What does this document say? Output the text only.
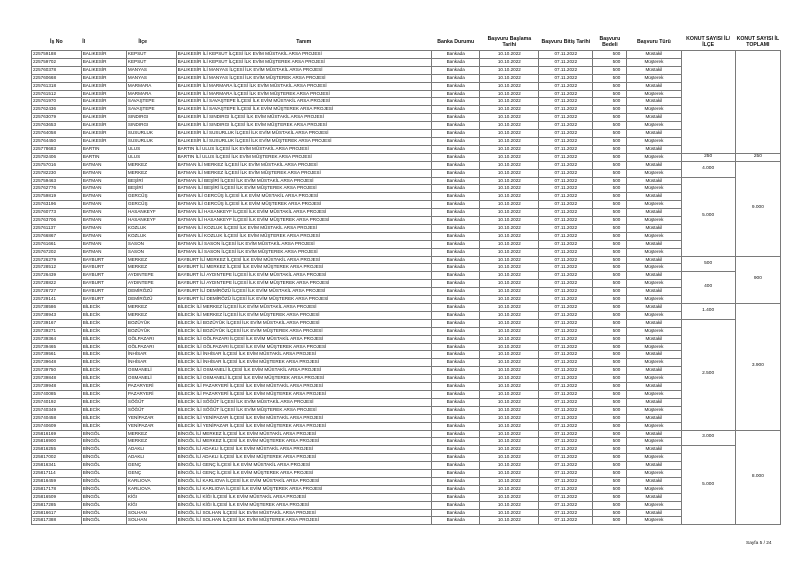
İş No	İl	İlçe	Tanım	Banka Durumu	Başvuru Başlama Tarihi	Başvuru Bitiş Tarihi	Başvuru Bedeli	Başvuru Türü	KONUT SAYISI İL/İLÇE	KONUT SAYISI İL TOPLAMI
225759188	BALIKESİR	KEPSUT	BALIKESİR İLİ KEPSUT İLÇESİ İLK EVİM MÜSTAKİL ARSA PROJESİ	Bankada	10.10.2022	07.11.2022	500	Müstakil		
225759702	BALIKESİR	KEPSUT	BALIKESİR İLİ KEPSUT İLÇESİ İLK EVİM MÜŞTEREK ARSA PROJESİ	Bankada	10.10.2022	07.11.2022	500	Müşterek		
225760378	BALIKESİR	MANYAS	BALIKESİR İLİ MANYAS İLÇESİ İLK EVİM MÜSTAKİL ARSA PROJESİ	Bankada	10.10.2022	07.11.2022	500	Müstakil		
225760668	BALIKESİR	MANYAS	BALIKESİR İLİ MANYAS İLÇESİ İLK EVİM MÜŞTEREK ARSA PROJESİ	Bankada	10.10.2022	07.11.2022	500	Müşterek		
225761318	BALIKESİR	MARMARA	BALIKESİR İLİ MARMARA İLÇESİ İLK EVİM MÜSTAKİL ARSA PROJESİ	Bankada	10.10.2022	07.11.2022	500	Müstakil		
225761512	BALIKESİR	MARMARA	BALIKESİR İLİ MARMARA İLÇESİ İLK EVİM MÜŞTEREK ARSA PROJESİ	Bankada	10.10.2022	07.11.2022	500	Müşterek		
225761970	BALIKESİR	SAVAŞTEPE	BALIKESİR İLİ SAVAŞTEPE İLÇESİ İLK EVİM MÜSTAKİL ARSA PROJESİ	Bankada	10.10.2022	07.11.2022	500	Müstakil		
225762436	BALIKESİR	SAVAŞTEPE	BALIKESİR İLİ SAVAŞTEPE İLÇESİ İLK EVİM MÜŞTEREK ARSA PROJESİ	Bankada	10.10.2022	07.11.2022	500	Müşterek		
225763079	BALIKESİR	SINDIRGI	BALIKESİR İLİ SINDIRGI İLÇESİ İLK EVİM MÜSTAKİL ARSA PROJESİ	Bankada	10.10.2022	07.11.2022	500	Müstakil		
225763653	BALIKESİR	SINDIRGI	BALIKESİR İLİ SINDIRGI İLÇESİ İLK EVİM MÜŞTEREK ARSA PROJESİ	Bankada	10.10.2022	07.11.2022	500	Müşterek		
225764058	BALIKESİR	SUSURLUK	BALIKESİR İLİ SUSURLUK İLÇESİ İLK EVİM MÜSTAKİL ARSA PROJESİ	Bankada	10.10.2022	07.11.2022	500	Müstakil		
225764450	BALIKESİR	SUSURLUK	BALIKESİR İLİ SUSURLUK İLÇESİ İLK EVİM MÜŞTEREK ARSA PROJESİ	Bankada	10.10.2022	07.11.2022	500	Müşterek		
225778683	BARTIN	ULUS	BARTIN İLİ ULUS İLÇESİ İLK EVİM MÜSTAKİL ARSA PROJESİ	Bankada	10.10.2022	07.11.2022	500	Müstakil		
225782406	BARTIN	ULUS	BARTIN İLİ ULUS İLÇESİ İLK EVİM MÜŞTEREK ARSA PROJESİ	Bankada	10.10.2022	07.11.2022	500	Müşterek	250	250
225757016	BATMAN	MERKEZ	BATMAN İLİ MERKEZ İLÇESİ İLK EVİM MÜSTAKİL ARSA PROJESİ	Bankada	10.10.2022	07.11.2022	500	Müstakil	4.000	9.000
225782230	BATMAN	MERKEZ	BATMAN İLİ MERKEZ İLÇESİ İLK EVİM MÜŞTEREK ARSA PROJESİ	Bankada	10.10.2022	07.11.2022	500	Müşterek		
225759463	BATMAN	BEŞİRİ	BATMAN İLİ BEŞİRİ İLÇESİ İLK EVİM MÜSTAKİL ARSA PROJESİ	Bankada	10.10.2022	07.11.2022	500	Müstakil	5.000	
225762776	BATMAN	BEŞİRİ	BATMAN İLİ BEŞİRİ İLÇESİ İLK EVİM MÜŞTEREK ARSA PROJESİ	Bankada	10.10.2022	07.11.2022	500	Müşterek		
225759819	BATMAN	GERCÜŞ	BATMAN İLİ GERCÜŞ İLÇESİ İLK EVİM MÜSTAKİL ARSA PROJESİ	Bankada	10.10.2022	07.11.2022	500	Müstakil		
225763196	BATMAN	GERCÜŞ	BATMAN İLİ GERCÜŞ İLÇESİ İLK EVİM MÜŞTEREK ARSA PROJESİ	Bankada	10.10.2022	07.11.2022	500	Müşterek		
225760773	BATMAN	HASANKEYF	BATMAN İLİ HASANKEYF İLÇESİ İLK EVİM MÜSTAKİL ARSA PROJESİ	Bankada	10.10.2022	07.11.2022	500	Müstakil		
225763706	BATMAN	HASANKEYF	BATMAN İLİ HASANKEYF İLÇESİ İLK EVİM MÜŞTEREK ARSA PROJESİ	Bankada	10.10.2022	07.11.2022	500	Müşterek		
225761137	BATMAN	KOZLUK	BATMAN İLİ KOZLUK İLÇESİ İLK EVİM MÜSTAKİL ARSA PROJESİ	Bankada	10.10.2022	07.11.2022	500	Müstakil		
225766867	BATMAN	KOZLUK	BATMAN İLİ KOZLUK İLÇESİ İLK EVİM MÜŞTEREK ARSA PROJESİ	Bankada	10.10.2022	07.11.2022	500	Müşterek		
225761661	BATMAN	SASON	BATMAN İLİ SASON İLÇESİ İLK EVİM MÜSTAKİL ARSA PROJESİ	Bankada	10.10.2022	07.11.2022	500	Müstakil		
225767202	BATMAN	SASON	BATMAN İLİ SASON İLÇESİ İLK EVİM MÜŞTEREK ARSA PROJESİ	Bankada	10.10.2022	07.11.2022	500	Müşterek		
225726279	BAYBURT	MERKEZ	BAYBURT İLİ MERKEZ İLÇESİ İLK EVİM MÜSTAKİL ARSA PROJESİ	Bankada	10.10.2022	07.11.2022	500	Müstakil	500	900
225728512	BAYBURT	MERKEZ	BAYBURT İLİ MERKEZ İLÇESİ İLK EVİM MÜŞTEREK ARSA PROJESİ	Bankada	10.10.2022	07.11.2022	500	Müşterek		
225726439	BAYBURT	AYDINTEPE	BAYBURT İLİ AYDINTEPE İLÇESİ İLK EVİM MÜSTAKİL ARSA PROJESİ	Bankada	10.10.2022	07.11.2022	500	Müstakil	400	
225728822	BAYBURT	AYDINTEPE	BAYBURT İLİ AYDINTEPE İLÇESİ İLK EVİM MÜŞTEREK ARSA PROJESİ	Bankada	10.10.2022	07.11.2022	500	Müşterek		
225726727	BAYBURT	DEMİRÖZÜ	BAYBURT İLİ DEMİRÖZÜ İLÇESİ İLK EVİM MÜSTAKİL ARSA PROJESİ	Bankada	10.10.2022	07.11.2022	500	Müstakil		
225729141	BAYBURT	DEMİRÖZÜ	BAYBURT İLİ DEMİRÖZÜ İLÇESİ İLK EVİM MÜŞTEREK ARSA PROJESİ	Bankada	10.10.2022	07.11.2022	500	Müşterek		
225738586	BİLECİK	MERKEZ	BİLECİK İLİ MERKEZ İLÇESİ İLK EVİM MÜSTAKİL ARSA PROJESİ	Bankada	10.10.2022	07.11.2022	500	Müstakil	1.400	3.900
225738943	BİLECİK	MERKEZ	BİLECİK İLİ MERKEZ İLÇESİ İLK EVİM MÜŞTEREK ARSA PROJESİ	Bankada	10.10.2022	07.11.2022	500	Müşterek		
225739167	BİLECİK	BOZÜYÜK	BİLECİK İLİ BOZÜYÜK İLÇESİ İLK EVİM MÜSTAKİL ARSA PROJESİ	Bankada	10.10.2022	07.11.2022	500	Müstakil	2.500	
225739271	BİLECİK	BOZÜYÜK	BİLECİK İLİ BOZÜYÜK İLÇESİ İLK EVİM MÜŞTEREK ARSA PROJESİ	Bankada	10.10.2022	07.11.2022	500	Müşterek		
225739364	BİLECİK	GÖLPAZARI	BİLECİK İLİ GÖLPAZARI İLÇESİ İLK EVİM MÜSTAKİL ARSA PROJESİ	Bankada	10.10.2022	07.11.2022	500	Müstakil		
225739465	BİLECİK	GÖLPAZARI	BİLECİK İLİ GÖLPAZARI İLÇESİ İLK EVİM MÜŞTEREK ARSA PROJESİ	Bankada	10.10.2022	07.11.2022	500	Müşterek		
225739561	BİLECİK	İNHİSAR	BİLECİK İLİ İNHİSAR İLÇESİ İLK EVİM MÜSTAKİL ARSA PROJESİ	Bankada	10.10.2022	07.11.2022	500	Müstakil		
225739648	BİLECİK	İNHİSAR	BİLECİK İLİ İNHİSAR İLÇESİ İLK EVİM MÜŞTEREK ARSA PROJESİ	Bankada	10.10.2022	07.11.2022	500	Müşterek		
225739750	BİLECİK	OSMANELİ	BİLECİK İLİ OSMANELİ İLÇESİ İLK EVİM MÜSTAKİL ARSA PROJESİ	Bankada	10.10.2022	07.11.2022	500	Müstakil		
225739848	BİLECİK	OSMANELİ	BİLECİK İLİ OSMANELİ İLÇESİ İLK EVİM MÜŞTEREK ARSA PROJESİ	Bankada	10.10.2022	07.11.2022	500	Müşterek		
225739948	BİLECİK	PAZARYERİ	BİLECİK İLİ PAZARYERİ İLÇESİ İLK EVİM MÜSTAKİL ARSA PROJESİ	Bankada	10.10.2022	07.11.2022	500	Müstakil		
225740085	BİLECİK	PAZARYERİ	BİLECİK İLİ PAZARYERİ İLÇESİ İLK EVİM MÜŞTEREK ARSA PROJESİ	Bankada	10.10.2022	07.11.2022	500	Müşterek		
225740192	BİLECİK	SÖĞÜT	BİLECİK İLİ SÖĞÜT İLÇESİ İLK EVİM MÜSTAKİL ARSA PROJESİ	Bankada	10.10.2022	07.11.2022	500	Müstakil		
225740349	BİLECİK	SÖĞÜT	BİLECİK İLİ SÖĞÜT İLÇESİ İLK EVİM MÜŞTEREK ARSA PROJESİ	Bankada	10.10.2022	07.11.2022	500	Müşterek		
225740458	BİLECİK	YENİPAZAR	BİLECİK İLİ YENİPAZAR İLÇESİ İLK EVİM MÜSTAKİL ARSA PROJESİ	Bankada	10.10.2022	07.11.2022	500	Müstakil		
225740609	BİLECİK	YENİPAZAR	BİLECİK İLİ YENİPAZAR İLÇESİ İLK EVİM MÜŞTEREK ARSA PROJESİ	Bankada	10.10.2022	07.11.2022	500	Müşterek		
225816169	BİNGÖL	MERKEZ	BİNGÖL İLİ MERKEZ İLÇESİ İLK EVİM MÜSTAKİL ARSA PROJESİ	Bankada	10.10.2022	07.11.2022	500	Müstakil	3.000	8.000
225816900	BİNGÖL	MERKEZ	BİNGÖL İLİ MERKEZ İLÇESİ İLK EVİM MÜŞTEREK ARSA PROJESİ	Bankada	10.10.2022	07.11.2022	500	Müşterek		
225816255	BİNGÖL	ADAKLI	BİNGÖL İLİ ADAKLI İLÇESİ İLK EVİM MÜSTAKİL ARSA PROJESİ	Bankada	10.10.2022	07.11.2022	500	Müstakil	5.000	
225817002	BİNGÖL	ADAKLI	BİNGÖL İLİ ADAKLI İLÇESİ İLK EVİM MÜŞTEREK ARSA PROJESİ	Bankada	10.10.2022	07.11.2022	500	Müşterek		
225816341	BİNGÖL	GENÇ	BİNGÖL İLİ GENÇ İLÇESİ İLK EVİM MÜSTAKİL ARSA PROJESİ	Bankada	10.10.2022	07.11.2022	500	Müstakil		
225817114	BİNGÖL	GENÇ	BİNGÖL İLİ GENÇ İLÇESİ İLK EVİM MÜŞTEREK ARSA PROJESİ	Bankada	10.10.2022	07.11.2022	500	Müşterek		
225816459	BİNGÖL	KARLIOVA	BİNGÖL İLİ KARLIOVA İLÇESİ İLK EVİM MÜSTAKİL ARSA PROJESİ	Bankada	10.10.2022	07.11.2022	500	Müstakil		
225817178	BİNGÖL	KARLIOVA	BİNGÖL İLİ KARLIOVA İLÇESİ İLK EVİM MÜŞTEREK ARSA PROJESİ	Bankada	10.10.2022	07.11.2022	500	Müşterek		
225816509	BİNGÖL	KİĞI	BİNGÖL İLİ KİĞI İLÇESİ İLK EVİM MÜSTAKİL ARSA PROJESİ	Bankada	10.10.2022	07.11.2022	500	Müstakil		
225817285	BİNGÖL	KİĞI	BİNGÖL İLİ KİĞI İLÇESİ İLK EVİM MÜŞTEREK ARSA PROJESİ	Bankada	10.10.2022	07.11.2022	500	Müşterek		
225816617	BİNGÖL	SOLHAN	BİNGÖL İLİ SOLHAN İLÇESİ İLK EVİM MÜSTAKİL ARSA PROJESİ	Bankada	10.10.2022	07.11.2022	500	Müstakil		
225817388	BİNGÖL	SOLHAN	BİNGÖL İLİ SOLHAN İLÇESİ İLK EVİM MÜŞTEREK ARSA PROJESİ	Bankada	10.10.2022	07.11.2022	500	Müşterek		
Sayfa 5 / 24
